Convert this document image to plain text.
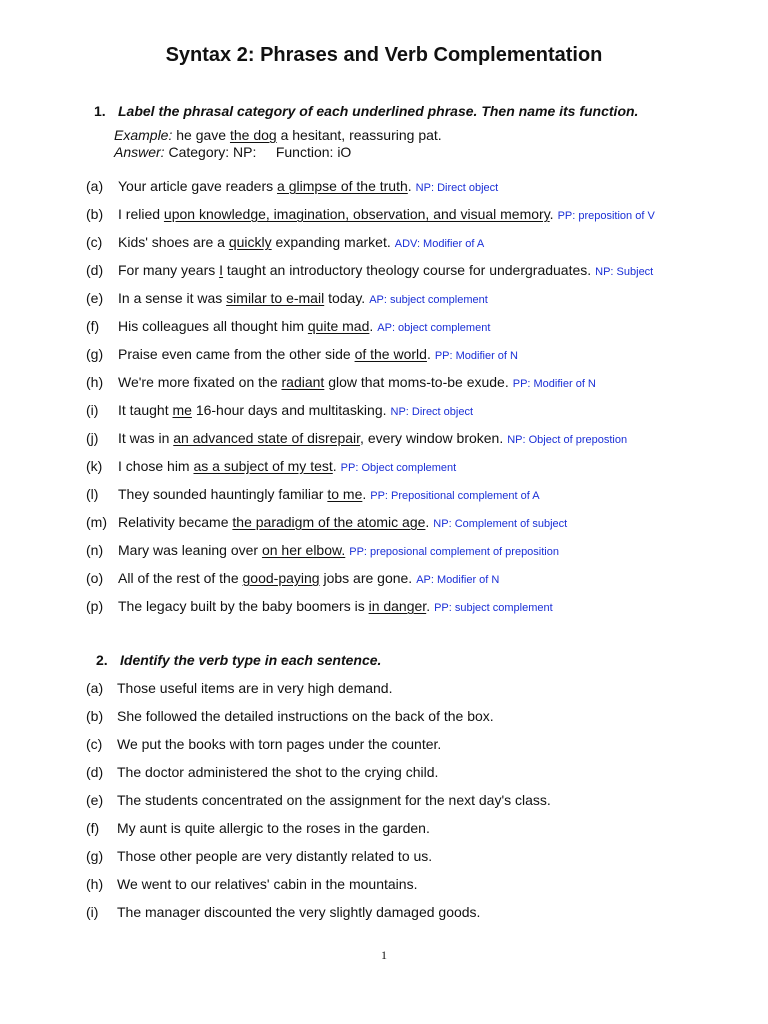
Syntax 2: Phrases and Verb Complementation
1. Label the phrasal category of each underlined phrase. Then name its function.
Example: he gave the dog a hesitant, reassuring pat.
Answer: Category: NP:     Function: iO
(a)	Your article gave readers a glimpse of the truth. NP: Direct object
(b)	I relied upon knowledge, imagination, observation, and visual memory. PP: preposition of V
(c)	Kids' shoes are a quickly expanding market. ADV: Modifier of A
(d)	For many years I taught an introductory theology course for undergraduates. NP: Subject
(e)	In a sense it was similar to e-mail today. AP: subject complement
(f)	His colleagues all thought him quite mad. AP: object complement
(g)	Praise even came from the other side of the world. PP: Modifier of N
(h)	We're more fixated on the radiant glow that moms-to-be exude. PP: Modifier of N
(i)	It taught me 16-hour days and multitasking. NP: Direct object
(j)	It was in an advanced state of disrepair, every window broken. NP: Object of prepostion
(k)	I chose him as a subject of my test. PP: Object complement
(l)	They sounded hauntingly familiar to me. PP: Prepositional complement of A
(m) Relativity became the paradigm of the atomic age. NP: Complement of subject
(n)	Mary was leaning over on her elbow. PP: preposional complement of preposition
(o)	All of the rest of the good-paying jobs are gone. AP: Modifier of N
(p)	The legacy built by the baby boomers is in danger. PP: subject complement
2. Identify the verb type in each sentence.
(a) Those useful items are in very high demand.
(b) She followed the detailed instructions on the back of the box.
(c)	We put the books with torn pages under the counter.
(d) The doctor administered the shot to the crying child.
(e) The students concentrated on the assignment for the next day's class.
(f)	My aunt is quite allergic to the roses in the garden.
(g) Those other people are very distantly related to us.
(h) We went to our relatives' cabin in the mountains.
(i)	The manager discounted the very slightly damaged goods.
1
